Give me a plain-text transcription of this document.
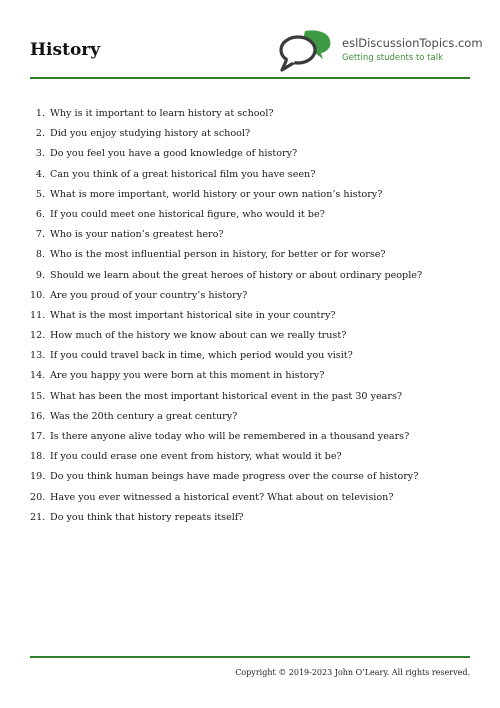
History	eslDiscussionTopics.com
Getting students to talk
1. Why is it important to learn history at school?
2. Did you enjoy studying history at school?
3. Do you feel you have a good knowledge of history?
4. Can you think of a great historical film you have seen?
5. What is more important, world history or your own nation’s history?
6. If you could meet one historical figure, who would it be?
7. Who is your nation’s greatest hero?
8. Who is the most influential person in history, for better or for worse?
9. Should we learn about the great heroes of history or about ordinary people?
10. Are you proud of your country’s history?
11. What is the most important historical site in your country?
12. How much of the history we know about can we really trust?
13. If you could travel back in time, which period would you visit?
14. Are you happy you were born at this moment in history?
15. What has been the most important historical event in the past 30 years?
16. Was the 20th century a great century?
17. Is there anyone alive today who will be remembered in a thousand years?
18. If you could erase one event from history, what would it be?
19. Do you think human beings have made progress over the course of history?
20. Have you ever witnessed a historical event? What about on television?
21. Do you think that history repeats itself?
Copyright © 2019-2023 John O’Leary. All rights reserved.
